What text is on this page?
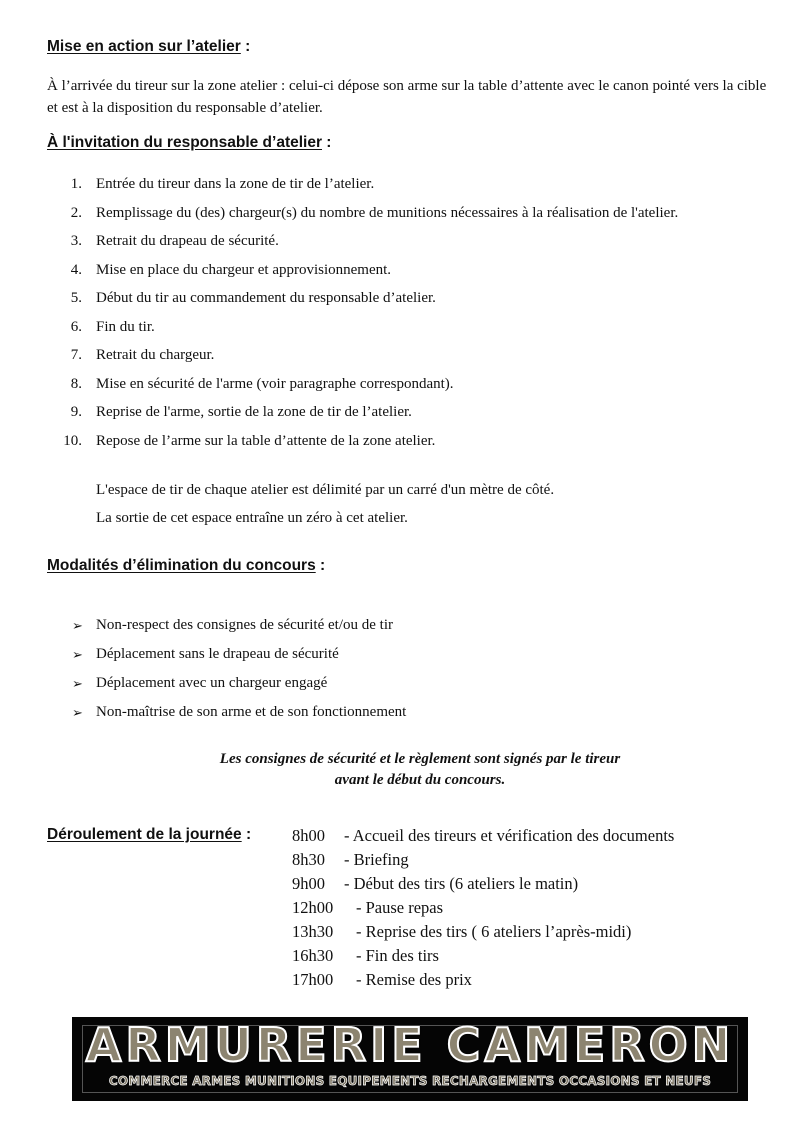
Mise en action sur l’atelier :
À l’arrivée du tireur sur la zone atelier : celui-ci dépose son arme sur la table d’attente avec le canon pointé vers la cible et est à la disposition du responsable d’atelier.
À l'invitation du responsable d’atelier :
1. Entrée du tireur dans la zone de tir de l’atelier.
2. Remplissage du (des) chargeur(s) du nombre de munitions nécessaires à la réalisation de l'atelier.
3. Retrait du drapeau de sécurité.
4. Mise en place du chargeur et approvisionnement.
5. Début du tir au commandement du responsable d’atelier.
6. Fin du tir.
7. Retrait du chargeur.
8. Mise en sécurité de l'arme (voir paragraphe correspondant).
9. Reprise de l'arme, sortie de la zone de tir de l’atelier.
10. Repose de l’arme sur la table d’attente de la zone atelier.
L'espace de tir de chaque atelier est délimité par un carré d'un mètre de côté.
La sortie de cet espace entraîne un zéro à cet atelier.
Modalités d’élimination du concours :
➢ Non-respect des consignes de sécurité et/ou de tir
➢ Déplacement sans le drapeau de sécurité
➢ Déplacement avec un chargeur engagé
➢ Non-maîtrise de son arme et de son fonctionnement
Les consignes de sécurité et le règlement sont signés par le tireur
avant le début du concours.
Déroulement de la journée : 8h00 - Accueil des tireurs et vérification des documents
8h30 - Briefing
9h00 - Début des tirs (6 ateliers le matin)
12h00 - Pause repas
13h30 - Reprise des tirs ( 6 ateliers l’après-midi)
16h30 - Fin des tirs
17h00 - Remise des prix
ARMURERIE CAMERON
COMMERCE ARMES MUNITIONS EQUIPEMENTS RECHARGEMENTS OCCASIONS ET NEUFS
